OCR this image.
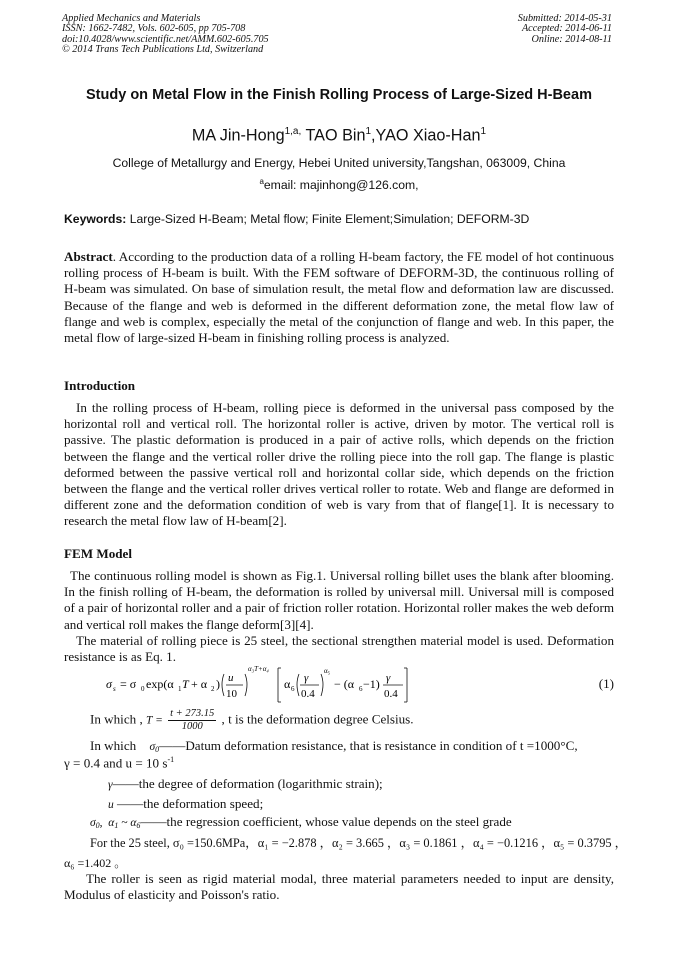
Applied Mechanics and Materials
ISSN: 1662-7482, Vols. 602-605, pp 705-708
doi:10.4028/www.scientific.net/AMM.602-605.705
© 2014 Trans Tech Publications Ltd, Switzerland
Submitted: 2014-05-31
Accepted: 2014-06-11
Online: 2014-08-11
Study on Metal Flow in the Finish Rolling Process of Large-Sized H-Beam
MA Jin-Hong$^{1,a,}$ TAO Bin$^1$,YAO Xiao-Han$^1$
College of Metallurgy and Energy, Hebei United university,Tangshan, 063009, China
$^a$email: majinhong@126.com,
Keywords: Large-Sized H-Beam; Metal flow; Finite Element;Simulation; DEFORM-3D
Abstract. According to the production data of a rolling H-beam factory, the FE model of hot continuous rolling process of H-beam is built. With the FEM software of DEFORM-3D, the continuous rolling of H-beam was simulated. On base of simulation result, the metal flow and deformation law are discussed. Because of the flange and web is deformed in the different deformation zone, the metal flow law of flange and web is complex, especially the metal of the conjunction of flange and web. In this paper, the metal flow of large-sized H-beam in finishing rolling process is analyzed.
Introduction
In the rolling process of H-beam, rolling piece is deformed in the universal pass composed by the horizontal roll and vertical roll. The horizontal roller is active, driven by motor. The vertical roll is passive. The plastic deformation is produced in a pair of active rolls, which depends on the friction between the flange and the vertical roller drive the rolling piece into the roll gap. The flange is plastic deformed between the passive vertical roll and horizontal collar side, which depends on the friction between the flange and the vertical roller drives vertical roller to rotate. Web and flange are deformed in different zone and the deformation condition of web is vary from that of flange[1]. It is necessary to research the metal flow law of H-beam[2].
FEM Model
The continuous rolling model is shown as Fig.1. Universal rolling billet uses the blank after blooming. In the finish rolling of H-beam, the deformation is rolled by universal mill. Universal mill is composed of a pair of horizontal roller and a pair of friction roller rotation. Horizontal roller makes the web deform and vertical roll makes the flange deform[3][4].
The material of rolling piece is 25 steel, the sectional strengthen material model is used. Deformation resistance is as Eq. 1.
σ s = σ 0 exp(α 1 T + α 2 ) u
10
α₃T+α₄
α 6
γ
0.4
α₅
− (α 6 −1) γ
0.4
(1)
In which , $T = \frac{t + 273.15}{1000}$ , t is the deformation degree Celsius.
In which $\sigma_0——Datum$ deformation resistance, that is resistance in condition of t =1000°C,
γ = 0.4 and u = 10 $s^{-1}$
γ——the degree of deformation (logarithmic strain);
u ——the deformation speed;
$\sigma_0$,  $\alpha_1$ ~ $\alpha_6——the$ regression coefficient, whose value depends on the steel grade
For the 25 steel, σ₀ =150.6MPa，α₁ = −2.878 ，α₂ = 3.665 ，α₃ = 0.1861 ，α₄ = −0.1216 ，α₅ = 0.3795 ，
α₆ =1.402 。
The roller is seen as rigid material modal, three material parameters needed to input are density, Modulus of elasticity and Poisson's ratio.
